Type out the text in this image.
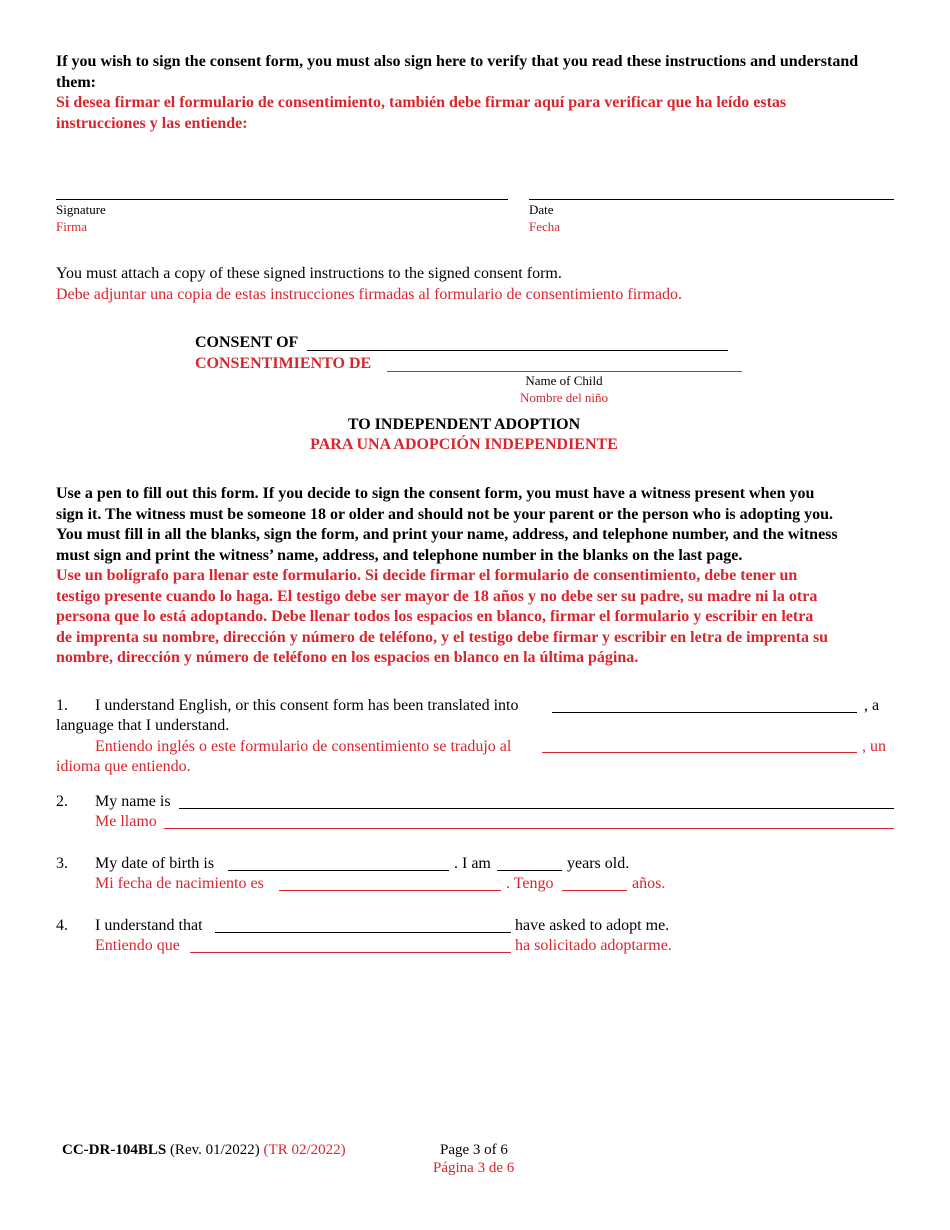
If you wish to sign the consent form, you must also sign here to verify that you read these instructions and understand them:
Si desea firmar el formulario de consentimiento, también debe firmar aquí para verificar que ha leído estas instrucciones y las entiende:
Signature
Firma
Date
Fecha
You must attach a copy of these signed instructions to the signed consent form.
Debe adjuntar una copia de estas instrucciones firmadas al formulario de consentimiento firmado.
CONSENT OF
CONSENTIMIENTO DE
Name of Child
Nombre del niño
TO INDEPENDENT ADOPTION
PARA UNA ADOPCIÓN INDEPENDIENTE
Use a pen to fill out this form. If you decide to sign the consent form, you must have a witness present when you
sign it. The witness must be someone 18 or older and should not be your parent or the person who is adopting you.
You must fill in all the blanks, sign the form, and print your name, address, and telephone number, and the witness
must sign and print the witness’ name, address, and telephone number in the blanks on the last page.
Use un bolígrafo para llenar este formulario. Si decide firmar el formulario de consentimiento, debe tener un
testigo presente cuando lo haga. El testigo debe ser mayor de 18 años y no debe ser su padre, su madre ni la otra
persona que lo está adoptando. Debe llenar todos los espacios en blanco, firmar el formulario y escribir en letra
de imprenta su nombre, dirección y número de teléfono, y el testigo debe firmar y escribir en letra de imprenta su
nombre, dirección y número de teléfono en los espacios en blanco en la última página.
1. I understand English, or this consent form has been translated into	, a
language that I understand.
Entiendo inglés o este formulario de consentimiento se tradujo al	, un
idioma que entiendo.
2. My name is
Me llamo
3. My date of birth is	. I am	years old.
Mi fecha de nacimiento es	. Tengo	años.
4. I understand that	have asked to adopt me.
Entiendo que	ha solicitado adoptarme.
CC-DR-104BLS (Rev. 01/2022) (TR 02/2022)	Page 3 of 6
Página 3 de 6
